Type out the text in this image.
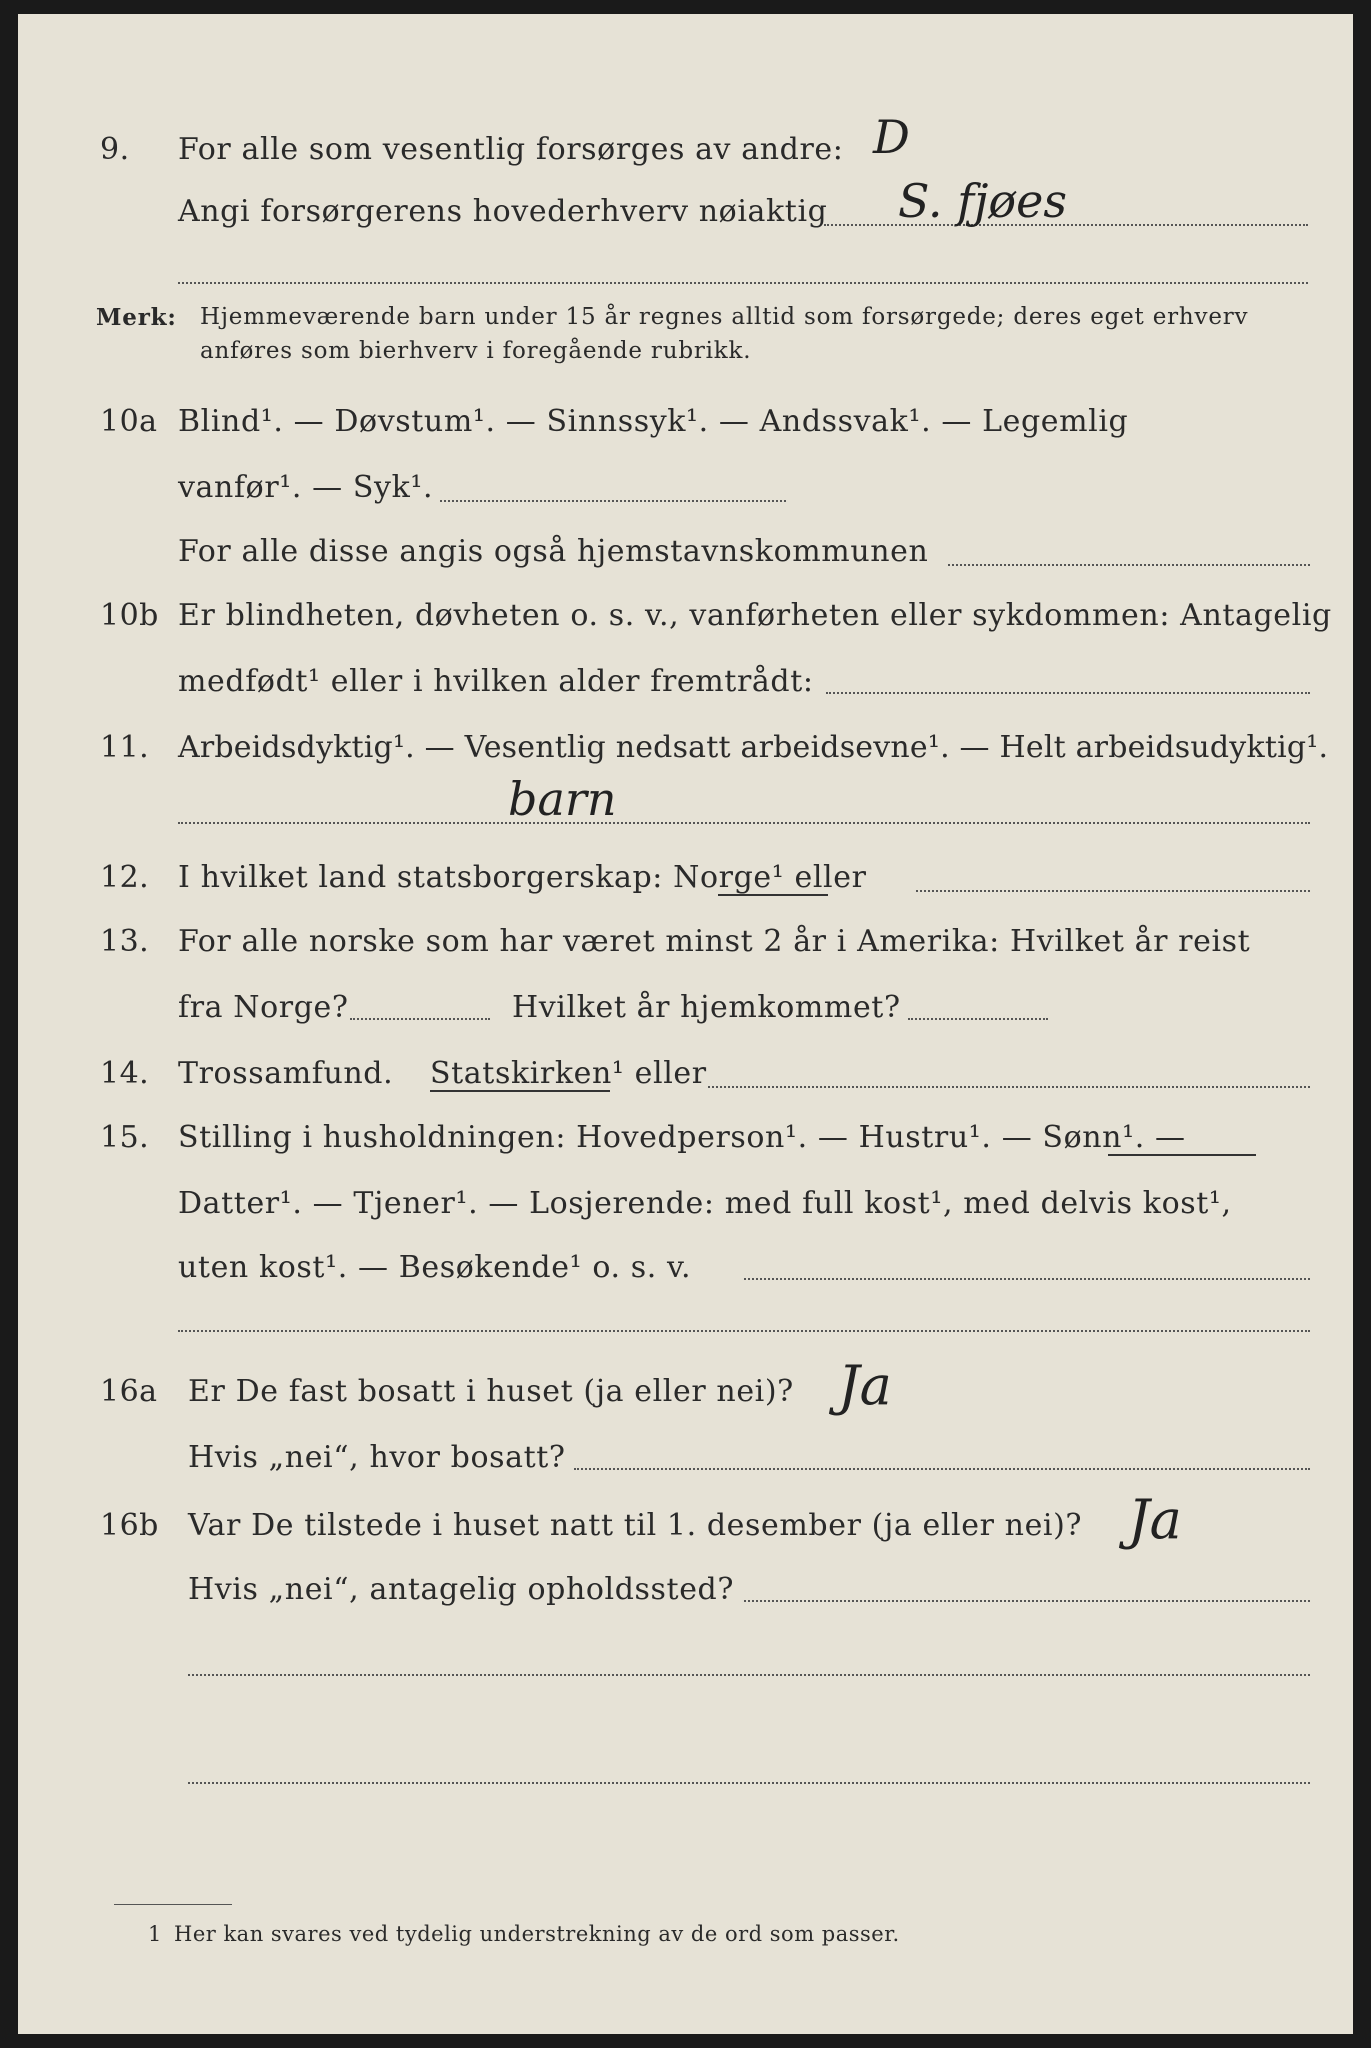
9. For alle som vesentlig forsørges av andre: D
Angi forsørgerens hovederhverv nøiaktig S. fjøes
Merk: Hjemmeværende barn under 15 år regnes alltid som forsørgede; deres eget erhverv
anføres som bierhverv i foregående rubrikk.
10a Blind¹. — Døvstum¹. — Sinnssyk¹. — Andssvak¹. — Legemlig
vanfør¹. — Syk¹.
For alle disse angis også hjemstavnskommunen
10b Er blindheten, døvheten o. s. v., vanførheten eller sykdommen: Antagelig
medfødt¹ eller i hvilken alder fremtrådt:
11. Arbeidsdyktig¹. — Vesentlig nedsatt arbeidsevne¹. — Helt arbeidsudyktig¹.
barn
12. I hvilket land statsborgerskap: Norge¹ eller
13. For alle norske som har været minst 2 år i Amerika: Hvilket år reist
fra Norge?	Hvilket år hjemkommet?
14. Trossamfund. Statskirken¹ eller
15. Stilling i husholdningen: Hovedperson¹. — Hustru¹. — Sønn¹. —
Datter¹. — Tjener¹. — Losjerende: med full kost¹, med delvis kost¹,
uten kost¹. — Besøkende¹ o. s. v.
16a Er De fast bosatt i huset (ja eller nei)? Ja
Hvis „nei“, hvor bosatt?
16b Var De tilstede i huset natt til 1. desember (ja eller nei)? Ja
Hvis „nei“, antagelig opholdssted?
1 Her kan svares ved tydelig understrekning av de ord som passer.
